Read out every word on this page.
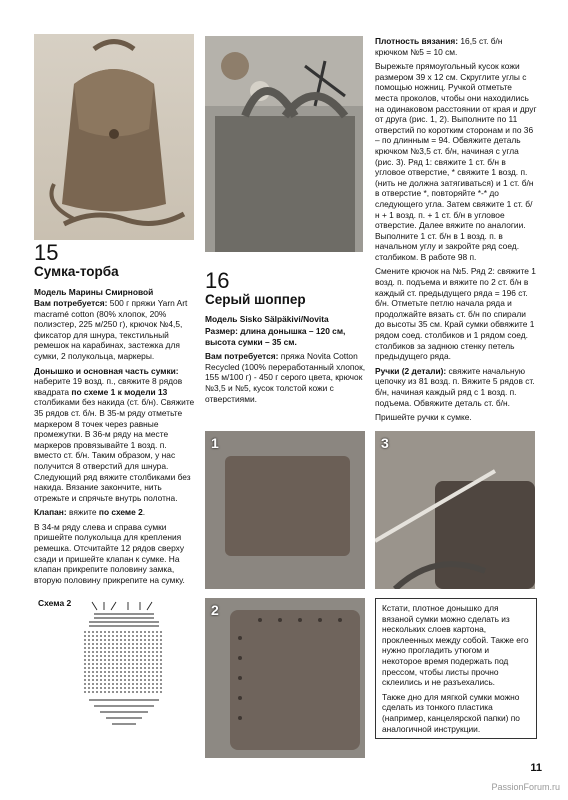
15
Сумка-торба
Модель Марины Смирновой

Вам потребуется: 500 г пряжи Yarn Art macramé cotton (80% хлопок, 20% полиэстер, 225 м/250 г), крючок №4,5, фиксатор для шнура, текстильный ремешок на карабинах, застежка для сумки, 2 полукольца, маркеры.

Донышко и основная часть сумки: наберите 19 возд. п., свяжите 8 рядов квадрата по схеме 1 к модели 13 столбиками без накида (ст. б/н). Свяжите 35 рядов ст. б/н. В 35-м ряду отметьте маркером 8 точек через равные промежутки. В 36-м ряду на месте маркеров провязывайте 1 возд. п. вместо ст. б/н. Таким образом, у нас получится 8 отверстий для шнура. Следующий ряд вяжите столбиками без накида. Вязание закончите, нить отрежьте и спрячьте внутрь полотна.

Клапан: вяжите по схеме 2.

В 34-м ряду слева и справа сумки пришейте полуколыца для крепления ремешка. Отсчитайте 12 рядов сверху сзади и пришейте клапан к сумке. На клапан прикрепите половину замка, вторую половину прикрепите на сумку.

16
Серый шоппер
Модель Sisko Sälpäkivi/Novita

Размер: длина донышка – 120 см, высота сумки – 35 см.

Вам потребуется: пряжа Novita Cotton Recycled (100% переработанный хлопок, 155 м/100 г) - 450 г серого цвета, крючок №3,5 и №5, кусок толстой кожи с отверстиями.

Плотность вязания: 16,5 ст. б/н крючком №5 = 10 см.

Вырежьте прямоугольный кусок кожи размером 39 х 12 см. Скруглите углы с помощью ножниц. Ручкой отметьте места проколов, чтобы они находились на одинаковом расстоянии от края и друг от друга (рис. 1, 2). Выполните по 11 отверстий по коротким сторонам и по 36 – по длинным = 94. Обвяжите деталь крючком №3,5 ст. б/н, начиная с угла (рис. 3). Ряд 1: свяжите 1 ст. б/н в угловое отверстие, * свяжите 1 возд. п. (нить не должна затягиваться) и 1 ст. б/н в отверстие *, повторяйте *-* до следующего угла. Затем свяжите 1 ст. б/н + 1 возд. п. + 1 ст. б/н в угловое отверстие. Далее вяжите по аналогии. Выполните 1 ст. б/н в 1 возд. п. в начальном углу и закройте ряд соед. столбиком. В работе 98 п.

Смените крючок на №5. Ряд 2: свяжите 1 возд. п. подъема и вяжите по 2 ст. б/н в каждый ст. предыдущего ряда = 196 ст. б/н. Отметьте петлю начала ряда и продолжайте вязать ст. б/н по спирали до высоты 35 см. Край сумки обвяжите 1 рядом соед. столбиков и 1 рядом соед. столбиков за заднюю стенку петель предыдущего ряда.

Ручки (2 детали): свяжите начальную цепочку из 81 возд. п. Вяжите 5 рядов ст. б/н, начиная каждый ряд с 1 возд. п. подъема. Обвяжите деталь ст. б/н.

Пришейте ручки к сумке.

1	3
2	Кстати, плотное донышко для вязаной сумки можно сделать из нескольких слоев картона, проклеенных между собой. Также его нужно прогладить утюгом и некоторое время подержать под прессом, чтобы листы прочно склеились и не разъехались.

Также дно для мягкой сумки можно сделать из тонкого пластика (например, канцелярской папки) по аналогичной инструкции.

Схема 2
11
PassionForum.ru
